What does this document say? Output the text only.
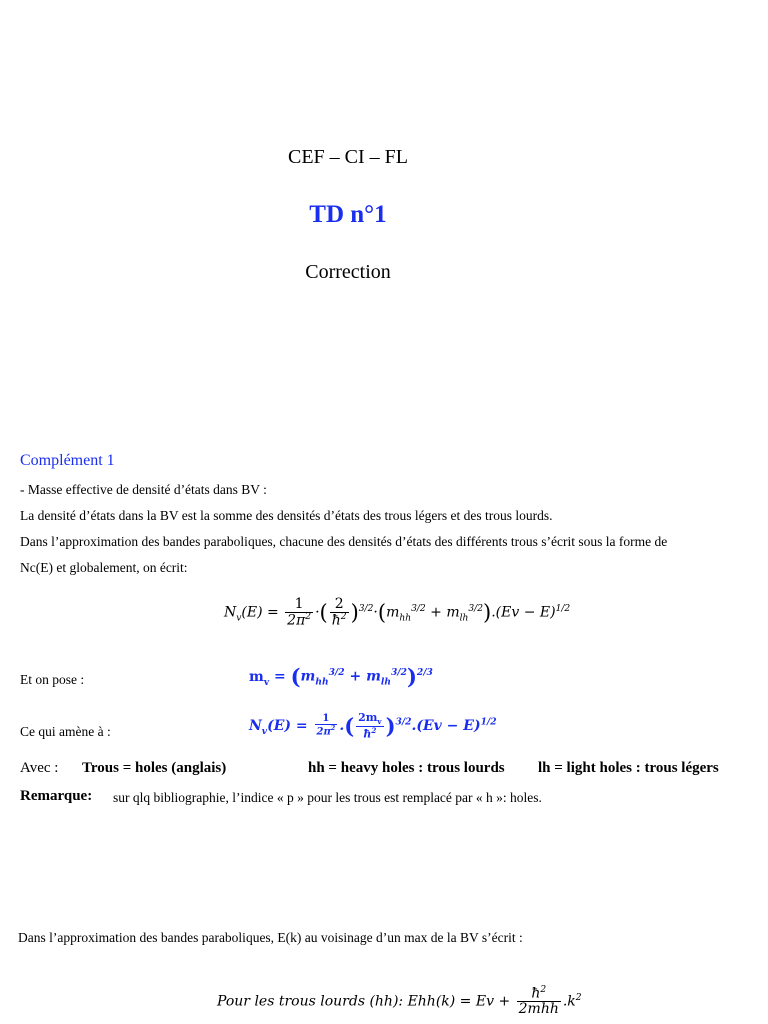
CEF – CI – FL
TD n°1
Correction
Complément 1
- Masse effective de densité d’états dans BV :
La densité d’états dans la BV est la somme des densités d’états des trous légers et des trous lourds.
Dans l’approximation des bandes paraboliques, chacune des densités d’états des différents trous s’écrit sous la forme de
Nc(E) et globalement, on écrit:
$N_v(E) = \frac{1}{2\pi^2}$ ·( $\frac{2}{ħ^2} )^{3/2}\cdot(m_{hh}^{3/2} + m_{lh}^{3/2}).(Ev - E)^{1/2}$
Et on pose :	$m_v = (m_{hh}^{3/2} + m_{lh}^{3/2})^{2/3}$
Ce qui amène à :	$N_v(E) = \frac{1}{2\pi^2}$ .( $\frac{2m_v}{ħ^2} )^{3/2}.(Ev - E)^{1/2}$
Avec : Trous = holes (anglais)	hh = heavy holes : trous lourds lh = light holes : trous légers
Remarque: sur qlq bibliographie, l’indice « p » pour les trous est remplacé par « h »: holes.
Dans l’approximation des bandes paraboliques, E(k) au voisinage d’un max de la BV s’écrit :
Pour les trous lourds (hh): $Ehh(k) = Ev + \frac{ħ^2}{\text{2mhh}} .k^2$
